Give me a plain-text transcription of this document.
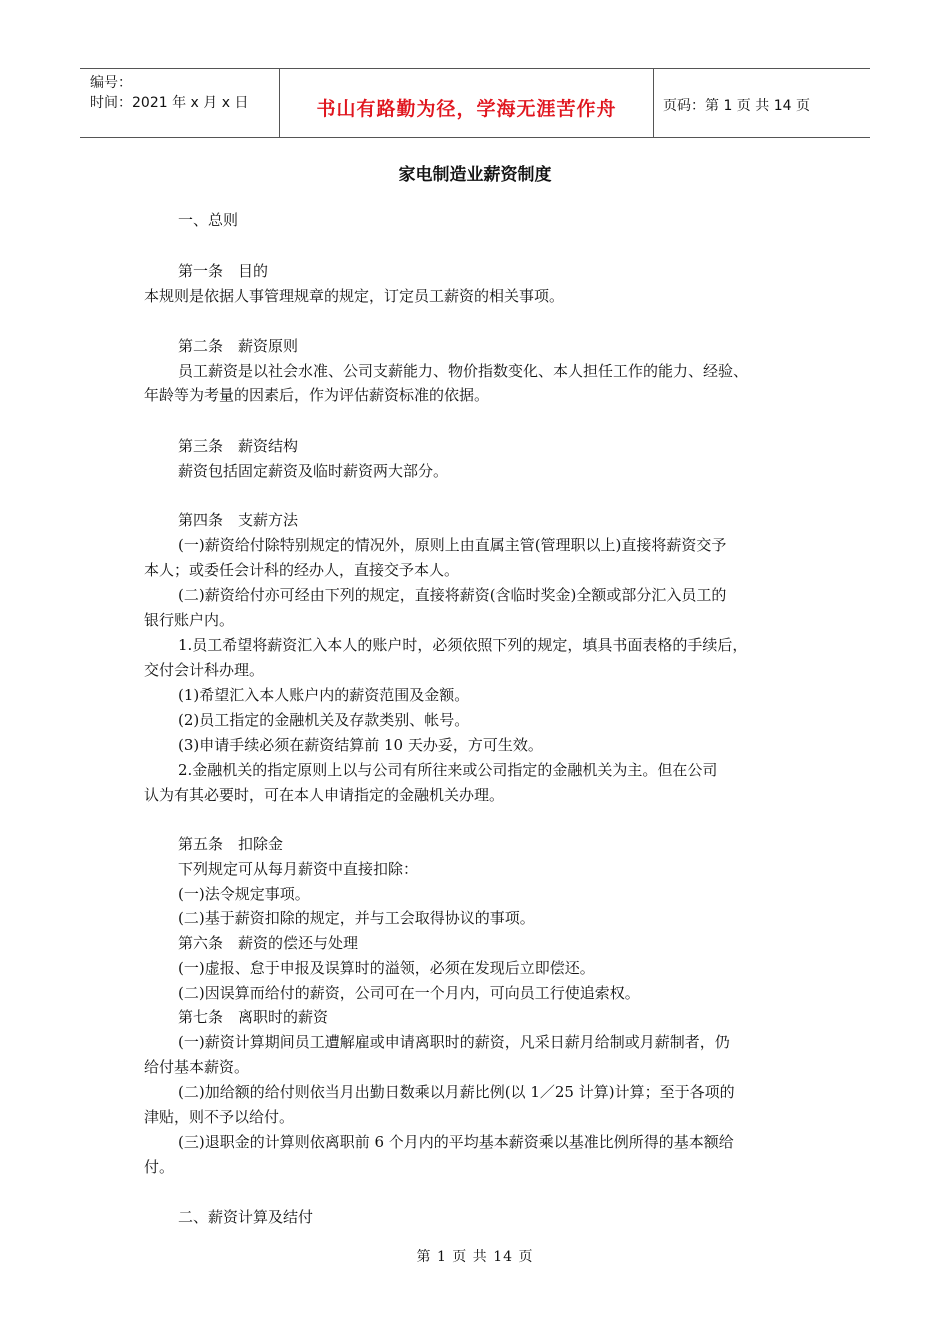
编号：
时间：2021 年 x 月 x 日	书山有路勤为径，学海无涯苦作舟	页码：第 1 页 共 14 页
家电制造业薪资制度
一、总则
第一条　目的
本规则是依据人事管理规章的规定，订定员工薪资的相关事项。
第二条　薪资原则
员工薪资是以社会水准、公司支薪能力、物价指数变化、本人担任工作的能力、经验、
年龄等为考量的因素后，作为评估薪资标准的依据。
第三条　薪资结构
薪资包括固定薪资及临时薪资两大部分。
第四条　支薪方法
(一)薪资给付除特别规定的情况外，原则上由直属主管(管理职以上)直接将薪资交予
本人；或委任会计科的经办人，直接交予本人。
(二)薪资给付亦可经由下列的规定，直接将薪资(含临时奖金)全额或部分汇入员工的
银行账户内。
1.员工希望将薪资汇入本人的账户时，必须依照下列的规定，填具书面表格的手续后，
交付会计科办理。
(1)希望汇入本人账户内的薪资范围及金额。
(2)员工指定的金融机关及存款类别、帐号。
(3)申请手续必须在薪资结算前 10 天办妥，方可生效。
2.金融机关的指定原则上以与公司有所往来或公司指定的金融机关为主。但在公司
认为有其必要时，可在本人申请指定的金融机关办理。
第五条　扣除金
下列规定可从每月薪资中直接扣除：
(一)法令规定事项。
(二)基于薪资扣除的规定，并与工会取得协议的事项。
第六条　薪资的偿还与处理
(一)虚报、怠于申报及误算时的溢领，必须在发现后立即偿还。
(二)因误算而给付的薪资，公司可在一个月内，可向员工行使追索权。
第七条　离职时的薪资
(一)薪资计算期间员工遭解雇或申请离职时的薪资，凡采日薪月给制或月薪制者，仍
给付基本薪资。
(二)加给额的给付则依当月出勤日数乘以月薪比例(以 1／25 计算)计算；至于各项的
津贴，则不予以给付。
(三)退职金的计算则依离职前 6 个月内的平均基本薪资乘以基准比例所得的基本额给
付。
二、薪资计算及结付
第 1 页 共 14 页
